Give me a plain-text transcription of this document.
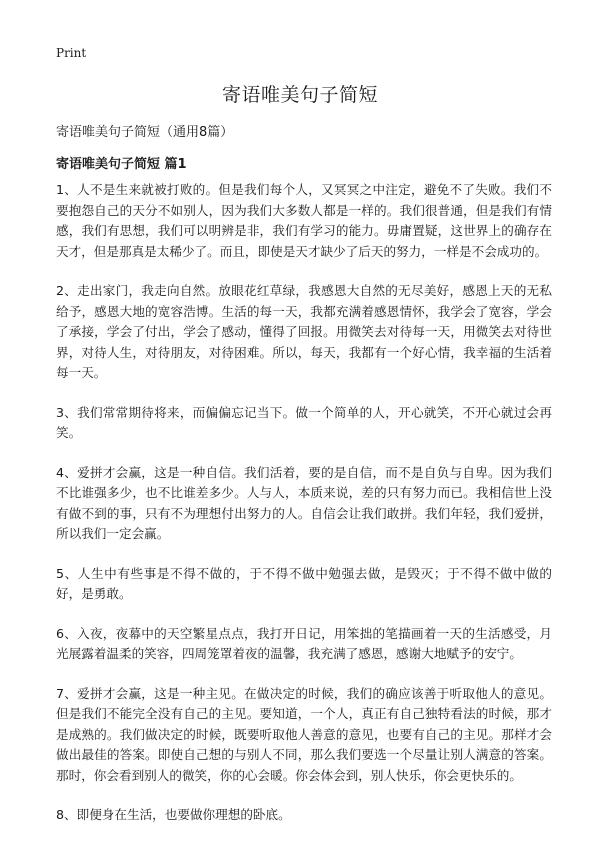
Print
寄语唯美句子简短

寄语唯美句子简短（通用8篇）

寄语唯美句子简短 篇1

1、人不是生来就被打败的。但是我们每个人，又冥冥之中注定，避免不了失败。我们不要抱怨自己的天分不如别人，因为我们大多数人都是一样的。我们很普通，但是我们有情感，我们有思想，我们可以明辨是非，我们有学习的能力。毋庸置疑，这世界上的确存在天才，但是那真是太稀少了。而且，即使是天才缺少了后天的努力，一样是不会成功的。

2、走出家门，我走向自然。放眼花红草绿，我感恩大自然的无尽美好，感恩上天的无私给予，感恩大地的宽容浩博。生活的每一天，我都充满着感恩情怀，我学会了宽容，学会了承接，学会了付出，学会了感动，懂得了回报。用微笑去对待每一天，用微笑去对待世界，对待人生，对待朋友，对待困难。所以，每天，我都有一个好心情，我幸福的生活着每一天。

3、我们常常期待将来，而偏偏忘记当下。做一个简单的人，开心就笑，不开心就过会再笑。

4、爱拼才会赢，这是一种自信。我们活着，要的是自信，而不是自负与自卑。因为我们不比谁强多少，也不比谁差多少。人与人，本质来说，差的只有努力而已。我相信世上没有做不到的事，只有不为理想付出努力的人。自信会让我们敢拼。我们年轻，我们爱拼，所以我们一定会赢。

5、人生中有些事是不得不做的，于不得不做中勉强去做，是毁灭；于不得不做中做的好，是勇敢。

6、入夜，夜幕中的天空繁星点点，我打开日记，用笨拙的笔描画着一天的生活感受，月光展露着温柔的笑容，四周笼罩着夜的温馨，我充满了感恩，感谢大地赋予的安宁。

7、爱拼才会赢，这是一种主见。在做决定的时候，我们的确应该善于听取他人的意见。但是我们不能完全没有自己的主见。要知道，一个人，真正有自己独特看法的时候，那才是成熟的。我们做决定的时候，既要听取他人善意的意见，也要有自己的主见。那样才会做出最佳的答案。即使自己想的与别人不同，那么我们要选一个尽量让别人满意的答案。那时，你会看到别人的微笑，你的心会暖。你会体会到，别人快乐，你会更快乐的。

8、即便身在生活，也要做你理想的卧底。
